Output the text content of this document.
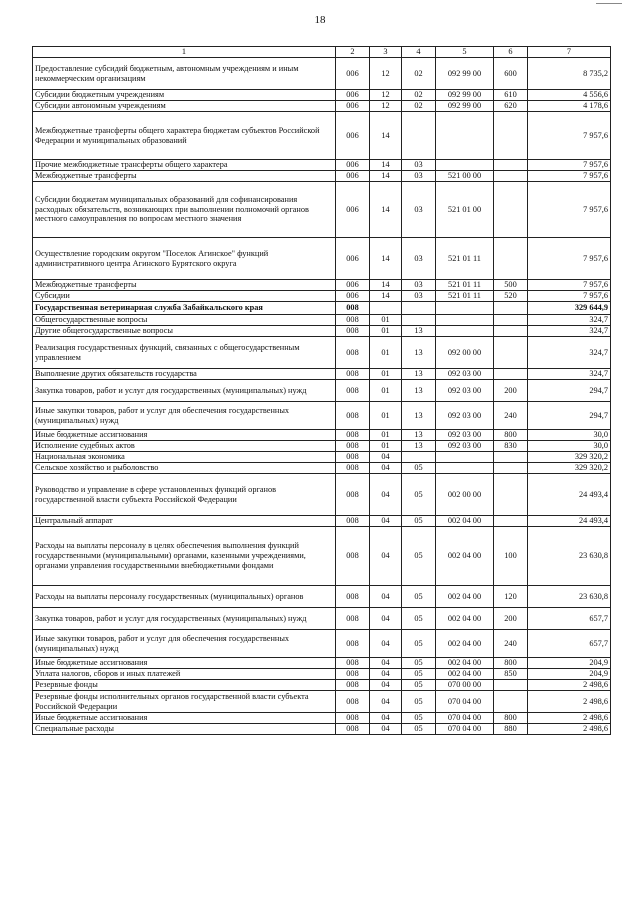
18
1	2	3	4	5	6	7
Предоставление субсидий бюджетным, автономным учреждениям и иным некоммерческим организациям	006	12	02	092 99 00	600	8 735,2
Субсидии бюджетным учреждениям	006	12	02	092 99 00	610	4 556,6
Субсидии автономным учреждениям	006	12	02	092 99 00	620	4 178,6
Межбюджетные трансферты общего характера бюджетам субъектов Российской Федерации и муниципальных образований	006	14				7 957,6
Прочие межбюджетные трансферты общего характера	006	14	03			7 957,6
Межбюджетные трансферты	006	14	03	521 00 00		7 957,6
Субсидии бюджетам муниципальных образований для софинансирования расходных обязательств, возникающих при выполнении полномочий органов местного самоуправления по вопросам местного значения	006	14	03	521 01 00		7 957,6
Осуществление городским округом "Поселок Агинское" функций административного центра Агинского Бурятского округа	006	14	03	521 01 11		7 957,6
Межбюджетные трансферты	006	14	03	521 01 11	500	7 957,6
Субсидии	006	14	03	521 01 11	520	7 957,6
Государственная ветеринарная служба Забайкальского края	008					329 644,9
Общегосударственные вопросы	008	01				324,7
Другие общегосударственные вопросы	008	01	13			324,7
Реализация государственных функций, связанных с общегосударственным управлением	008	01	13	092 00 00		324,7
Выполнение других обязательств государства	008	01	13	092 03 00		324,7
Закупка товаров, работ и услуг для государственных (муниципальных) нужд	008	01	13	092 03 00	200	294,7
Иные закупки товаров, работ и услуг для обеспечения государственных (муниципальных) нужд	008	01	13	092 03 00	240	294,7
Иные бюджетные ассигнования	008	01	13	092 03 00	800	30,0
Исполнение судебных актов	008	01	13	092 03 00	830	30,0
Национальная экономика	008	04				329 320,2
Сельское хозяйство и рыболовство	008	04	05			329 320,2
Руководство и управление в сфере установленных функций органов государственной власти субъекта Российской Федерации	008	04	05	002 00 00		24 493,4
Центральный аппарат	008	04	05	002 04 00		24 493,4
Расходы на выплаты персоналу в целях обеспечения выполнения функций государственными (муниципальными) органами, казенными учреждениями, органами управления государственными внебюджетными фондами	008	04	05	002 04 00	100	23 630,8
Расходы на выплаты персоналу государственных (муниципальных) органов	008	04	05	002 04 00	120	23 630,8
Закупка товаров, работ и услуг для государственных (муниципальных) нужд	008	04	05	002 04 00	200	657,7
Иные закупки товаров, работ и услуг для обеспечения государственных (муниципальных) нужд	008	04	05	002 04 00	240	657,7
Иные бюджетные ассигнования	008	04	05	002 04 00	800	204,9
Уплата налогов, сборов и иных платежей	008	04	05	002 04 00	850	204,9
Резервные фонды	008	04	05	070 00 00		2 498,6
Резервные фонды исполнительных органов государственной власти субъекта Российской Федерации	008	04	05	070 04 00		2 498,6
Иные бюджетные ассигнования	008	04	05	070 04 00	800	2 498,6
Специальные расходы	008	04	05	070 04 00	880	2 498,6
